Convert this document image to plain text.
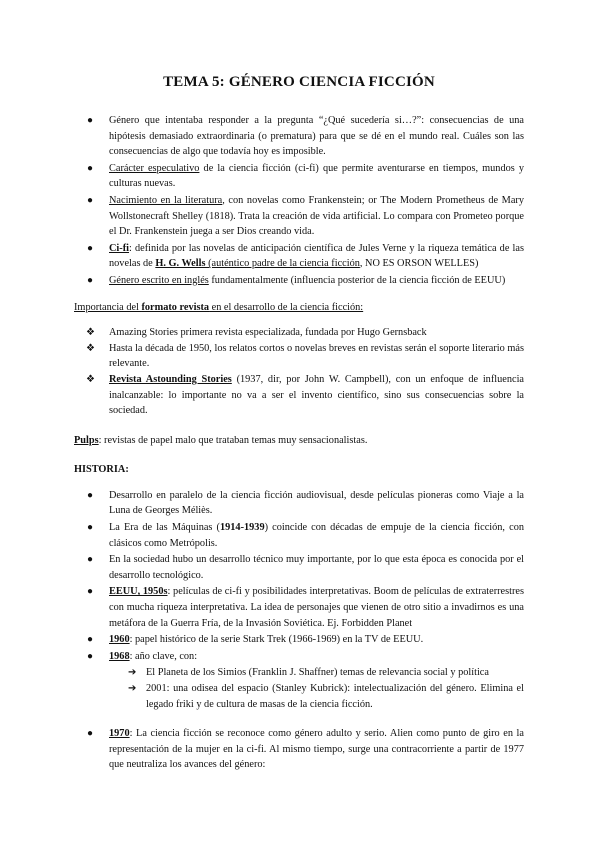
TEMA 5: GÉNERO CIENCIA FICCIÓN
● Género que intentaba responder a la pregunta “¿Qué sucedería si…?”: consecuencias de una hipótesis demasiado extraordinaria (o prematura) para que se dé en el mundo real. Cuáles son las consecuencias de algo que todavía hoy es imposible.
● Carácter especulativo de la ciencia ficción (ci-fi) que permite aventurarse en tiempos, mundos y culturas nuevas.
● Nacimiento en la literatura, con novelas como Frankenstein; or The Modern Prometheus de Mary Wollstonecraft Shelley (1818). Trata la creación de vida artificial. Lo compara con Prometeo porque el Dr. Frankenstein juega a ser Dios creando vida.
● Ci-fi: definida por las novelas de anticipación científica de Jules Verne y la riqueza temática de las novelas de H. G. Wells (auténtico padre de la ciencia ficción, NO ES ORSON WELLES)
● Género escrito en inglés fundamentalmente (influencia posterior de la ciencia ficción de EEUU)

Importancia del formato revista en el desarrollo de la ciencia ficción:

❖ Amazing Stories primera revista especializada, fundada por Hugo Gernsback
❖ Hasta la década de 1950, los relatos cortos o novelas breves en revistas serán el soporte literario más relevante.
❖ Revista Astounding Stories (1937, dir, por John W. Campbell), con un enfoque de influencia inalcanzable: lo importante no va a ser el invento científico, sino sus consecuencias sobre la sociedad.

Pulps: revistas de papel malo que trataban temas muy sensacionalistas.

HISTORIA:

● Desarrollo en paralelo de la ciencia ficción audiovisual, desde películas pioneras como Viaje a la Luna de Georges Méliès.
● La Era de las Máquinas (1914-1939) coincide con décadas de empuje de la ciencia ficción, con clásicos como Metrópolis.
● En la sociedad hubo un desarrollo técnico muy importante, por lo que esta época es conocida por el desarrollo tecnológico.
● EEUU, 1950s: películas de ci-fi y posibilidades interpretativas. Boom de películas de extraterrestres con mucha riqueza interpretativa. La idea de personajes que vienen de otro sitio a invadirnos es una metáfora de la Guerra Fría, de la Invasión Soviética. Ej. Forbidden Planet
● 1960: papel histórico de la serie Stark Trek (1966-1969) en la TV de EEUU.
● 1968: año clave, con:
➔ El Planeta de los Simios (Franklin J. Shaffner) temas de relevancia social y política
➔ 2001: una odisea del espacio (Stanley Kubrick): intelectualización del género. Elimina el legado friki y de cultura de masas de la ciencia ficción.
● 1970: La ciencia ficción se reconoce como género adulto y serio. Alien como punto de giro en la representación de la mujer en la ci-fi. Al mismo tiempo, surge una contracorriente a partir de 1977 que neutraliza los avances del género:
